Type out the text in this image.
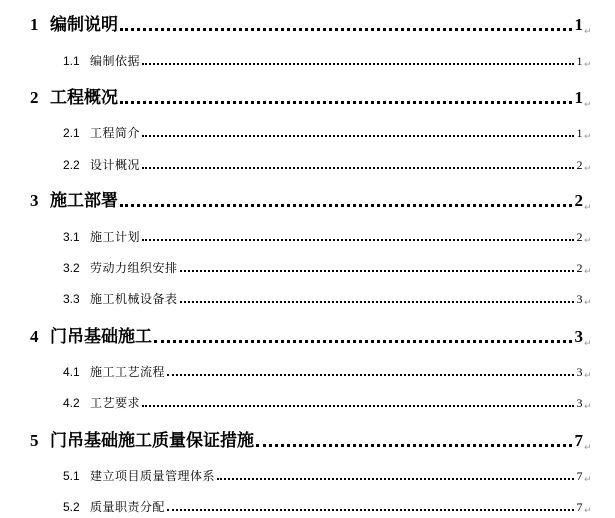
1 编制说明	1 ↵
1.1 编制依据	1 ↵
2 工程概况	1 ↵
2.1 工程简介	1 ↵
2.2 设计概况	2 ↵
3 施工部署	2 ↵
3.1 施工计划	2 ↵
3.2 劳动力组织安排	2 ↵
3.3 施工机械设备表	3 ↵
4 门吊基础施工	3 ↵
4.1 施工工艺流程	3 ↵
4.2 工艺要求	3 ↵
5 门吊基础施工质量保证措施	7 ↵
5.1 建立项目质量管理体系	7 ↵
5.2 质量职责分配	7 ↵
